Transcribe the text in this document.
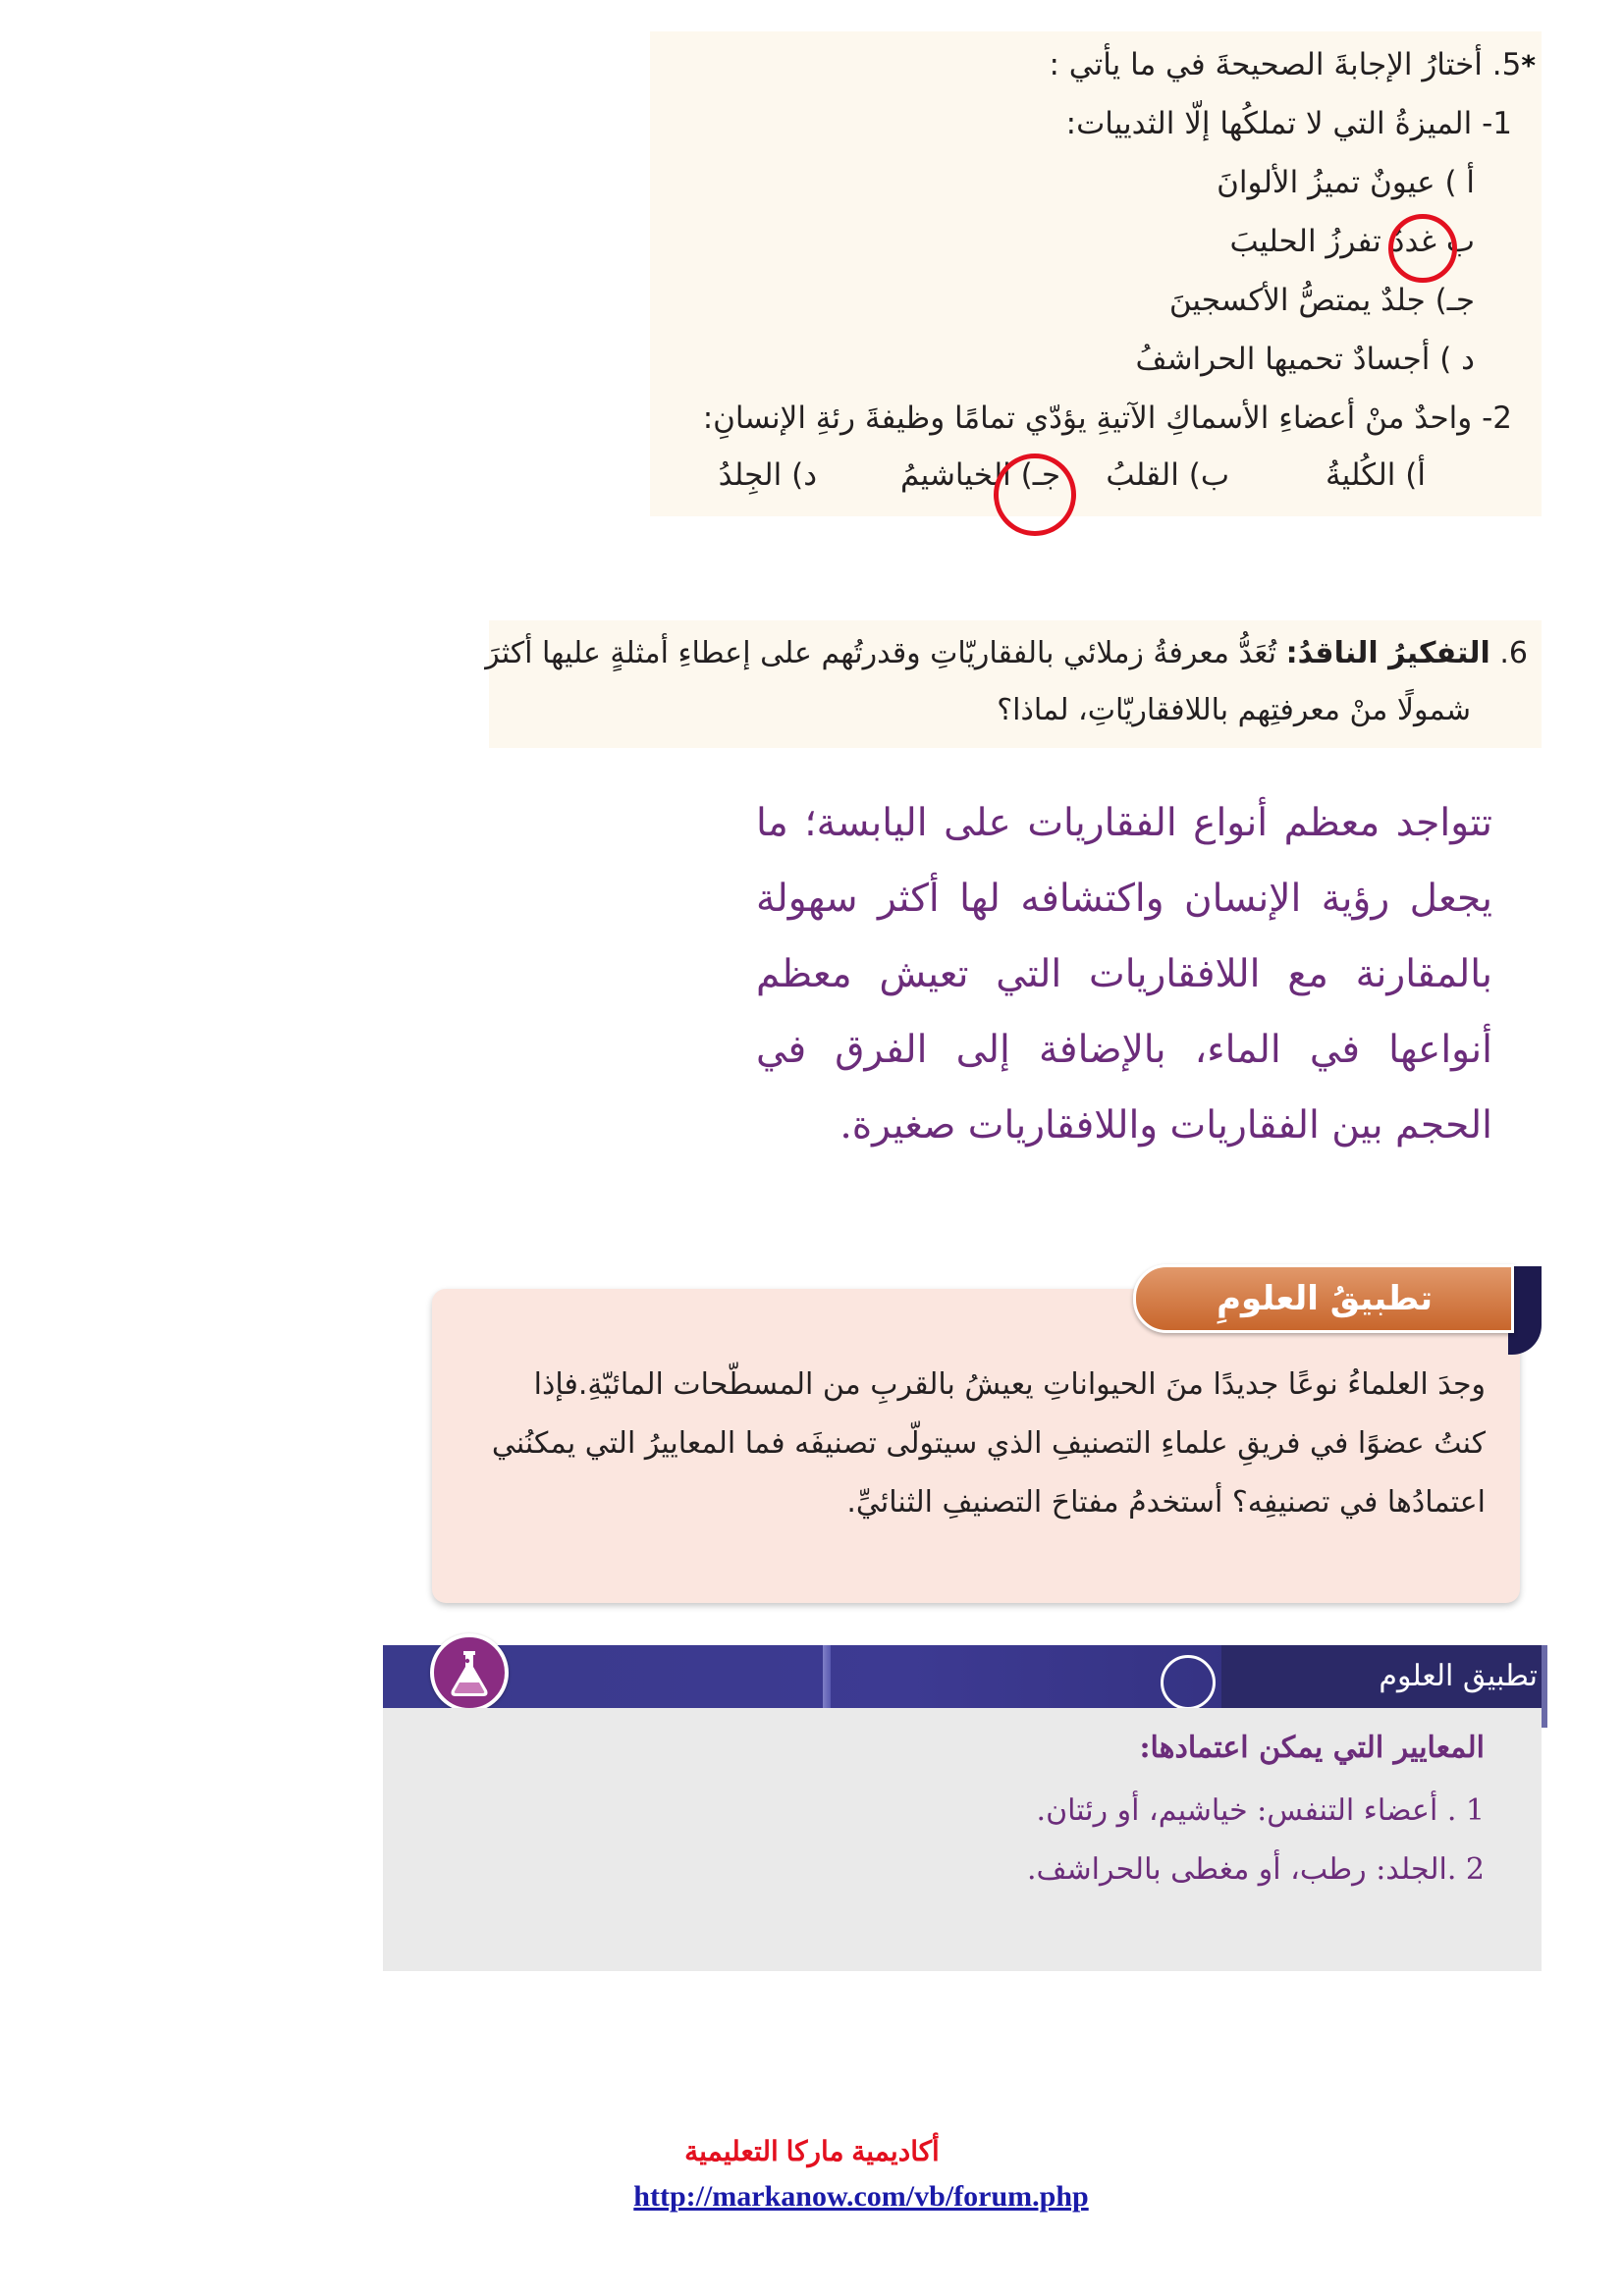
*5. أختارُ الإجابةَ الصحيحةَ في ما يأتي :
1- الميزةُ التي لا تملكُها إلّا الثدييات:
أ ) عيونٌ تميزُ الألوانَ
ب غددٌ تفرزُ الحليبَ
جـ) جلدٌ يمتصُّ الأكسجينَ
د ) أجسادٌ تحميها الحراشفُ
2- واحدٌ منْ أعضاءِ الأسماكِ الآتيةِ يؤدّي تمامًا وظيفةَ رئةِ الإنسانِ:
أ) الكُليةُ
ب) القلبُ
جـ) الخياشيمُ
د) الجِلدُ
6. التفكيرُ الناقدُ: تُعَدُّ معرفةُ زملائي بالفقاريّاتِ وقدرتُهم على إعطاءِ أمثلةٍ عليها أكثرَ
شمولًا منْ معرفتِهم باللافقاريّاتِ، لماذا؟
تتواجد معظم أنواع الفقاريات على اليابسة؛ ما يجعل رؤية الإنسان واكتشافه لها أكثر سهولة بالمقارنة مع اللافقاريات التي تعيش معظم أنواعها في الماء، بالإضافة إلى الفرق في الحجم بين الفقاريات واللافقاريات صغيرة.
وجدَ العلماءُ نوعًا جديدًا منَ الحيواناتِ يعيشُ بالقربِ من المسطّحات المائيّةِ.فإذا
كنتُ عضوًا في فريقِ علماءِ التصنيفِ الذي سيتولّى تصنيفَه فما المعاييرُ التي يمكنُني
اعتمادُها في تصنيفِه؟ أستخدمُ مفتاحَ التصنيفِ الثنائيِّ.
تطبيقُ العلومِ
تطبيق العلوم
المعايير التي يمكن اعتمادها:
1 . أعضاء التنفس: خياشيم، أو رئتان.
2 .الجلد: رطب، أو مغطى بالحراشف.
أكاديمية ماركا التعليمية
http://markanow.com/vb/forum.php
